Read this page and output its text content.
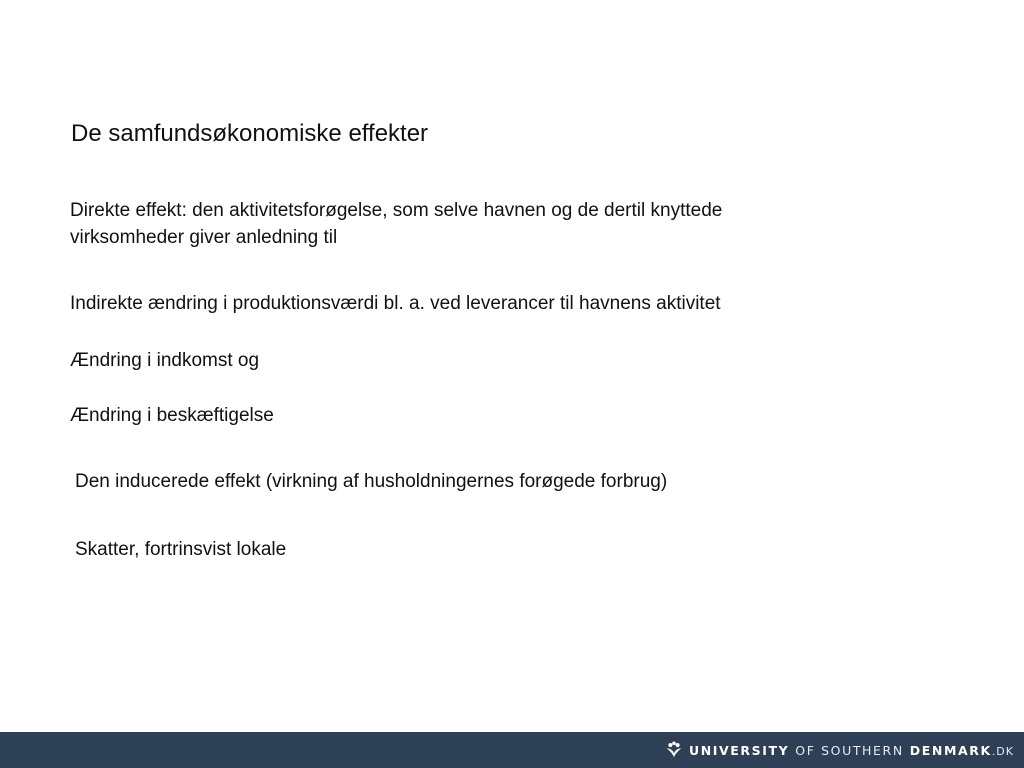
De samfundsøkonomiske effekter
Direkte effekt: den aktivitetsforøgelse, som selve havnen og de dertil knyttede virksomheder giver anledning til
Indirekte ændring i produktionsværdi bl. a. ved leverancer til havnens aktivitet
Ændring i indkomst og
Ændring i beskæftigelse
Den inducerede effekt (virkning af husholdningernes forøgede forbrug)
Skatter, fortrinsvist lokale
UNIVERSITY OF SOUTHERN DENMARK .DK
